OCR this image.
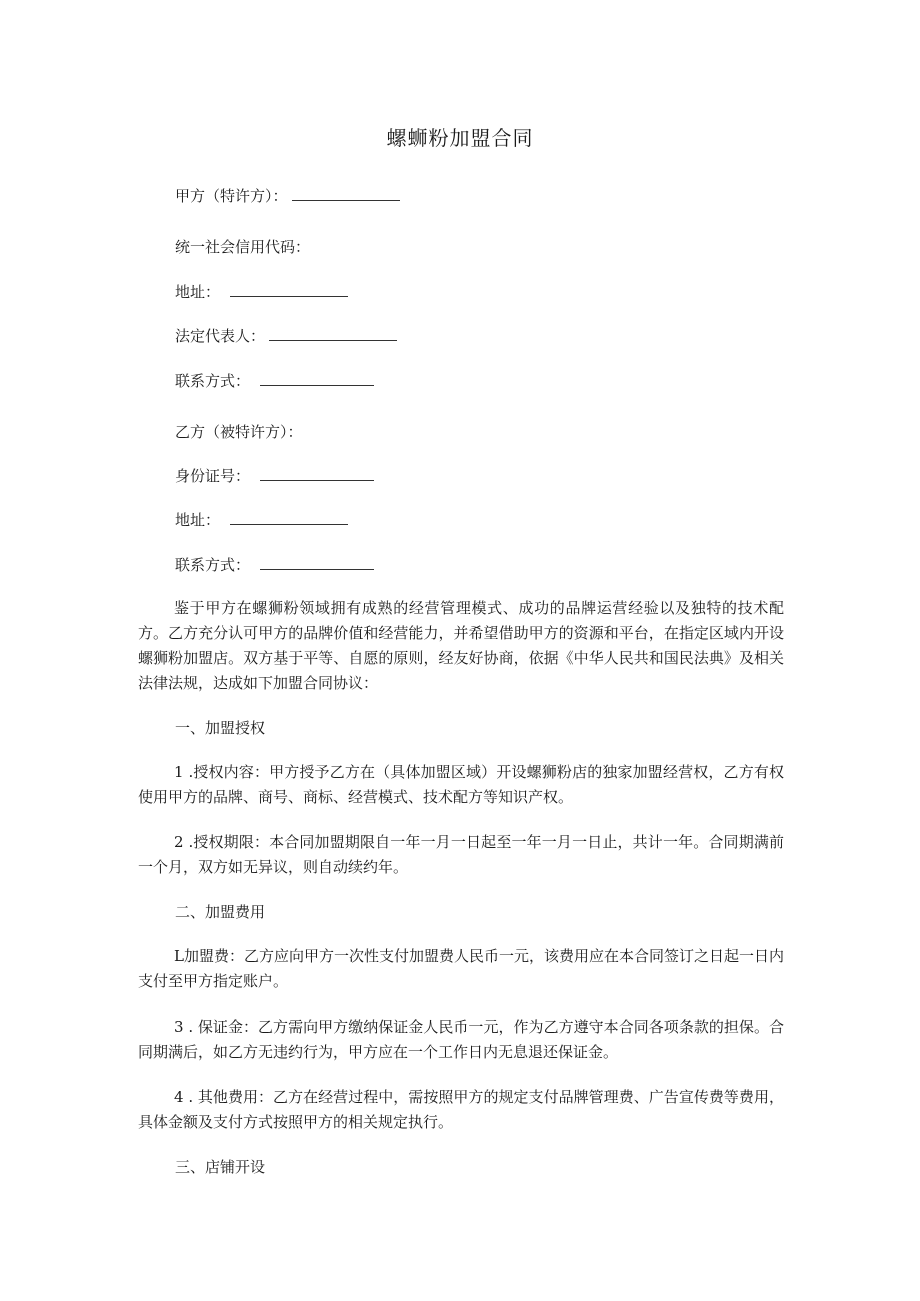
螺蛳粉加盟合同
甲方（特许方）：
统一社会信用代码：
地址：
法定代表人：
联系方式：
乙方（被特许方）：
身份证号：
地址：
联系方式：

鉴于甲方在螺狮粉领域拥有成熟的经营管理模式、成功的品牌运营经验以及独特的技术配方。乙方充分认可甲方的品牌价值和经营能力，并希望借助甲方的资源和平台，在指定区域内开设螺狮粉加盟店。双方基于平等、自愿的原则，经友好协商，依据《中华人民共和国民法典》及相关法律法规，达成如下加盟合同协议：

一、加盟授权

1 .授权内容：甲方授予乙方在（具体加盟区域）开设螺狮粉店的独家加盟经营权，乙方有权使用甲方的品牌、商号、商标、经营模式、技术配方等知识产权。

2 .授权期限：本合同加盟期限自一年一月一日起至一年一月一日止，共计一年。合同期满前一个月，双方如无异议，则自动续约年。

二、加盟费用

L加盟费：乙方应向甲方一次性支付加盟费人民币一元，该费用应在本合同签订之日起一日内支付至甲方指定账户。

3 . 保证金：乙方需向甲方缴纳保证金人民币一元，作为乙方遵守本合同各项条款的担保。合同期满后，如乙方无违约行为，甲方应在一个工作日内无息退还保证金。

4 . 其他费用：乙方在经营过程中，需按照甲方的规定支付品牌管理费、广告宣传费等费用，具体金额及支付方式按照甲方的相关规定执行。

三、店铺开设
